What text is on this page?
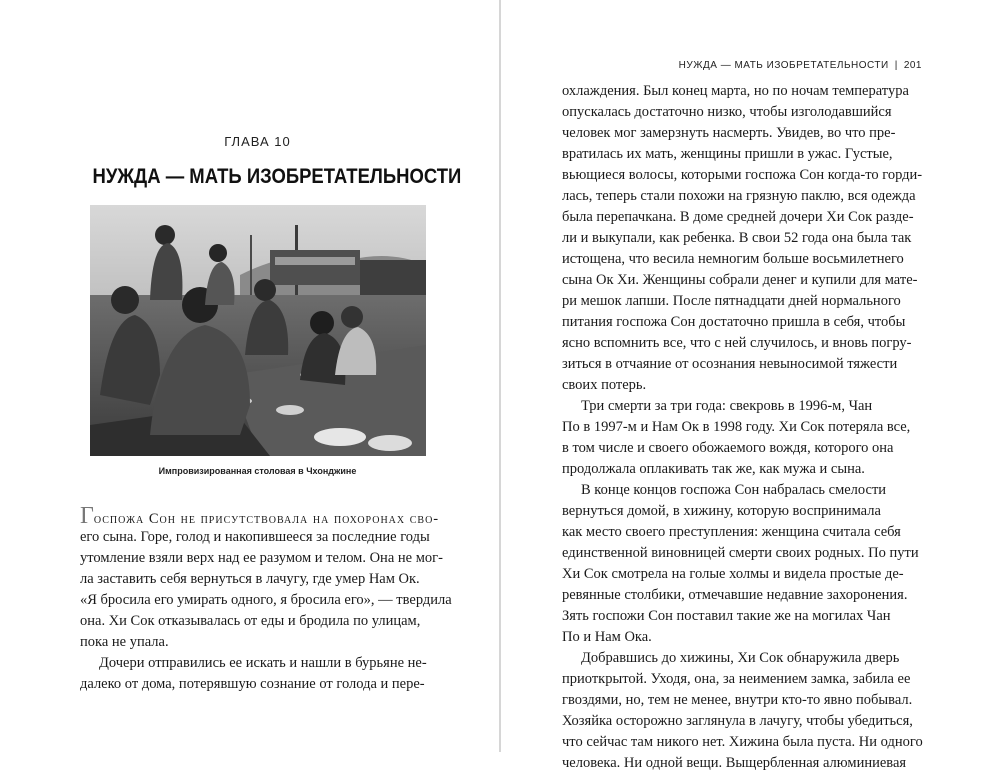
ГЛАВА 10
НУЖДА — МАТЬ ИЗОБРЕТАТЕЛЬНОСТИ
Импровизированная столовая в Чхонджине
Госпожа Сон не присутствовала на похоронах сво-
его сына. Горе, голод и накопившееся за последние годы
утомление взяли верх над ее разумом и телом. Она не мог-
ла заставить себя вернуться в лачугу, где умер Нам Ок.
«Я бросила его умирать одного, я бросила его», — твердила
она. Хи Сок отказывалась от еды и бродила по улицам,
пока не упала.
Дочери отправились ее искать и нашли в бурьяне не-
далеко от дома, потерявшую сознание от голода и пере-
НУЖДА — МАТЬ ИЗОБРЕТАТЕЛЬНОСТИ | 201
охлаждения. Был конец марта, но по ночам температура
опускалась достаточно низко, чтобы изголодавшийся
человек мог замерзнуть насмерть. Увидев, во что пре-
вратилась их мать, женщины пришли в ужас. Густые,
вьющиеся волосы, которыми госпожа Сон когда-то горди-
лась, теперь стали похожи на грязную паклю, вся одежда
была перепачкана. В доме средней дочери Хи Сок разде-
ли и выкупали, как ребенка. В свои 52 года она была так
истощена, что весила немногим больше восьмилетнего
сына Ок Хи. Женщины собрали денег и купили для мате-
ри мешок лапши. После пятнадцати дней нормального
питания госпожа Сон достаточно пришла в себя, чтобы
ясно вспомнить все, что с ней случилось, и вновь погру-
зиться в отчаяние от осознания невыносимой тяжести
своих потерь.
Три смерти за три года: свекровь в 1996-м, Чан
По в 1997-м и Нам Ок в 1998 году. Хи Сок потеряла все,
в том числе и своего обожаемого вождя, которого она
продолжала оплакивать так же, как мужа и сына.
В конце концов госпожа Сон набралась смелости
вернуться домой, в хижину, которую воспринимала
как место своего преступления: женщина считала себя
единственной виновницей смерти своих родных. По пути
Хи Сок смотрела на голые холмы и видела простые де-
ревянные столбики, отмечавшие недавние захоронения.
Зять госпожи Сон поставил такие же на могилах Чан
По и Нам Ока.
Добравшись до хижины, Хи Сок обнаружила дверь
приоткрытой. Уходя, она, за неимением замка, забила ее
гвоздями, но, тем не менее, внутри кто-то явно побывал.
Хозяйка осторожно заглянула в лачугу, чтобы убедиться,
что сейчас там никого нет. Хижина была пуста. Ни одного
человека. Ни одной вещи. Выщербленная алюминиевая
